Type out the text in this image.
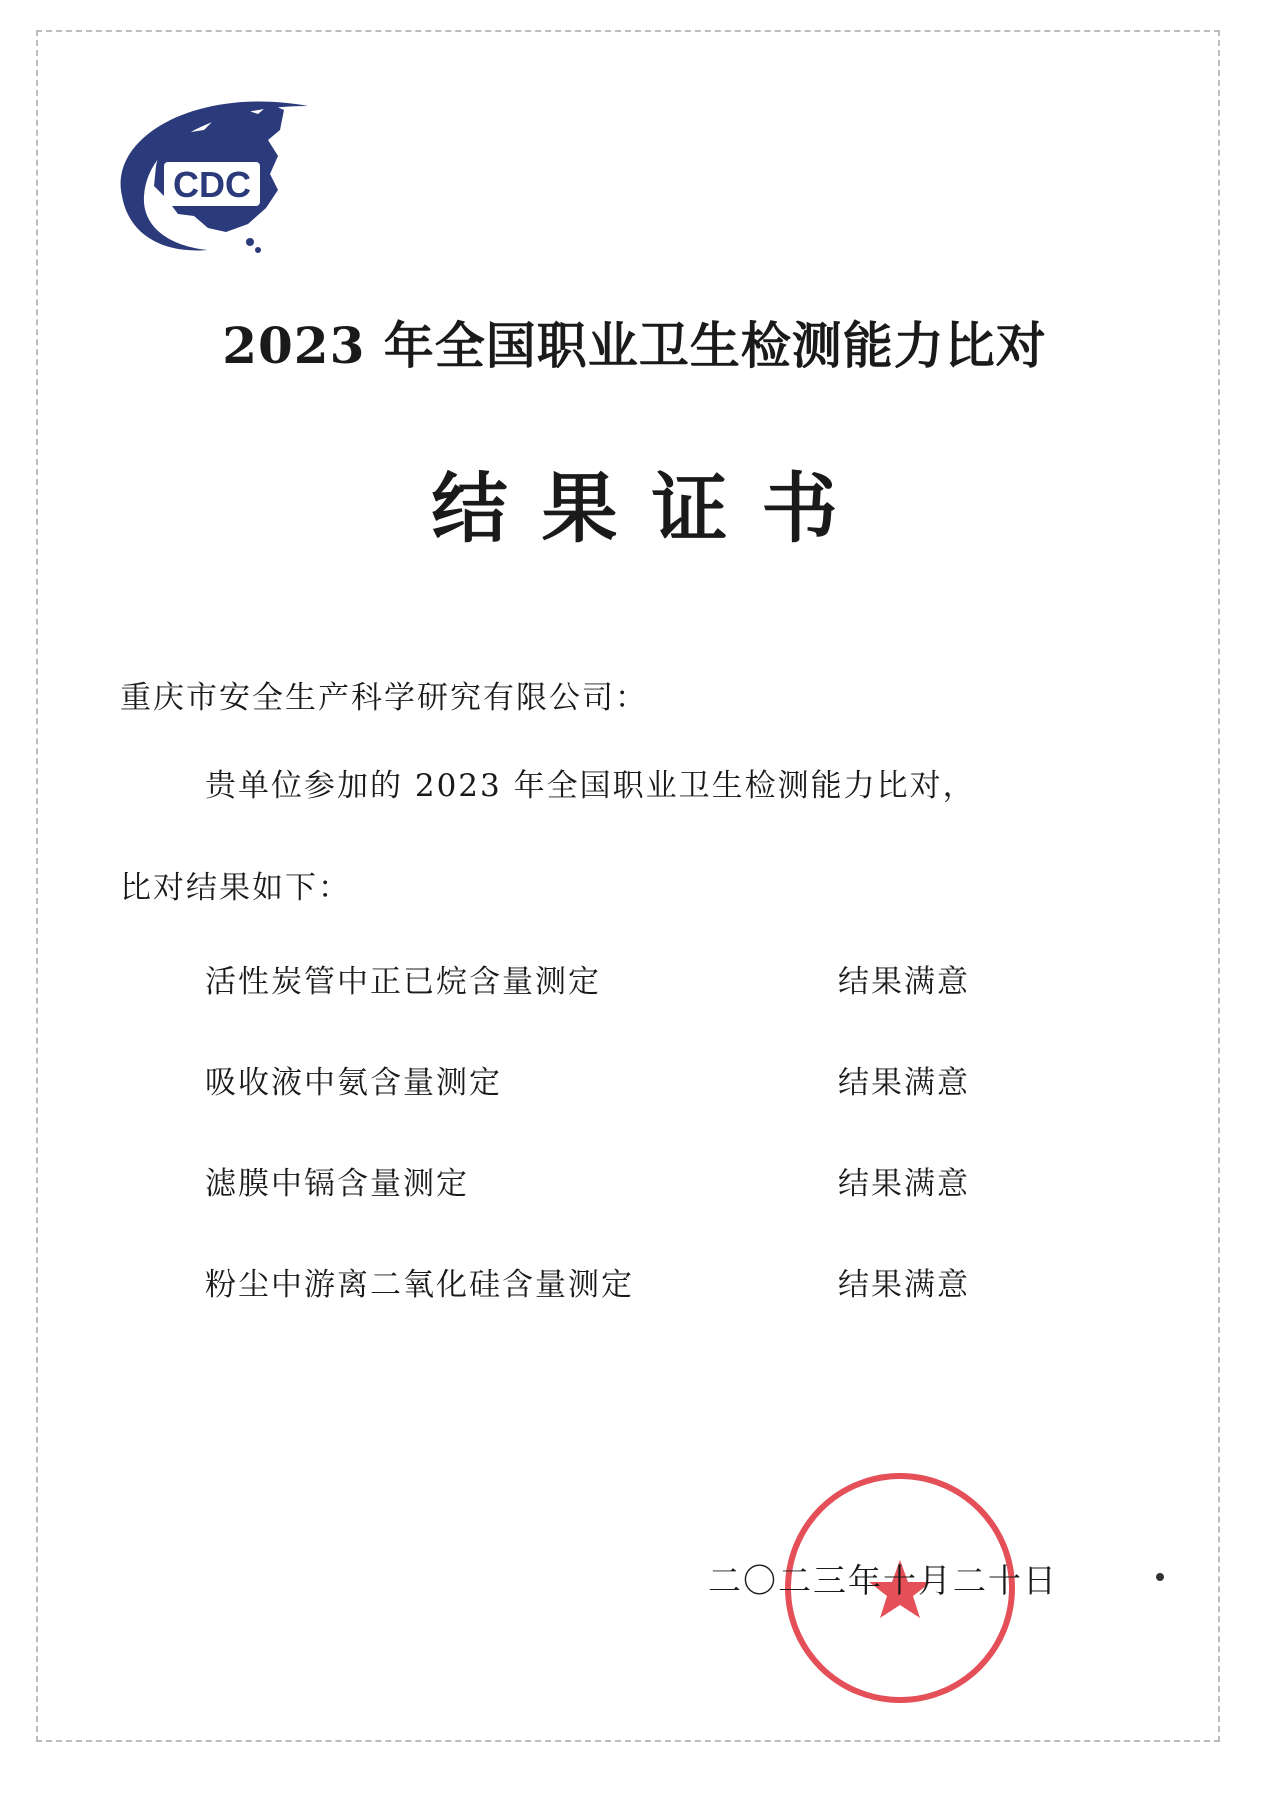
CDC
2023 年全国职业卫生检测能力比对
结果证书
重庆市安全生产科学研究有限公司：
贵单位参加的 2023 年全国职业卫生检测能力比对，
比对结果如下：
活性炭管中正已烷含量测定	结果满意
吸收液中氨含量测定	结果满意
滤膜中镉含量测定	结果满意
粉尘中游离二氧化硅含量测定	结果满意
二〇二三年十月二十日
